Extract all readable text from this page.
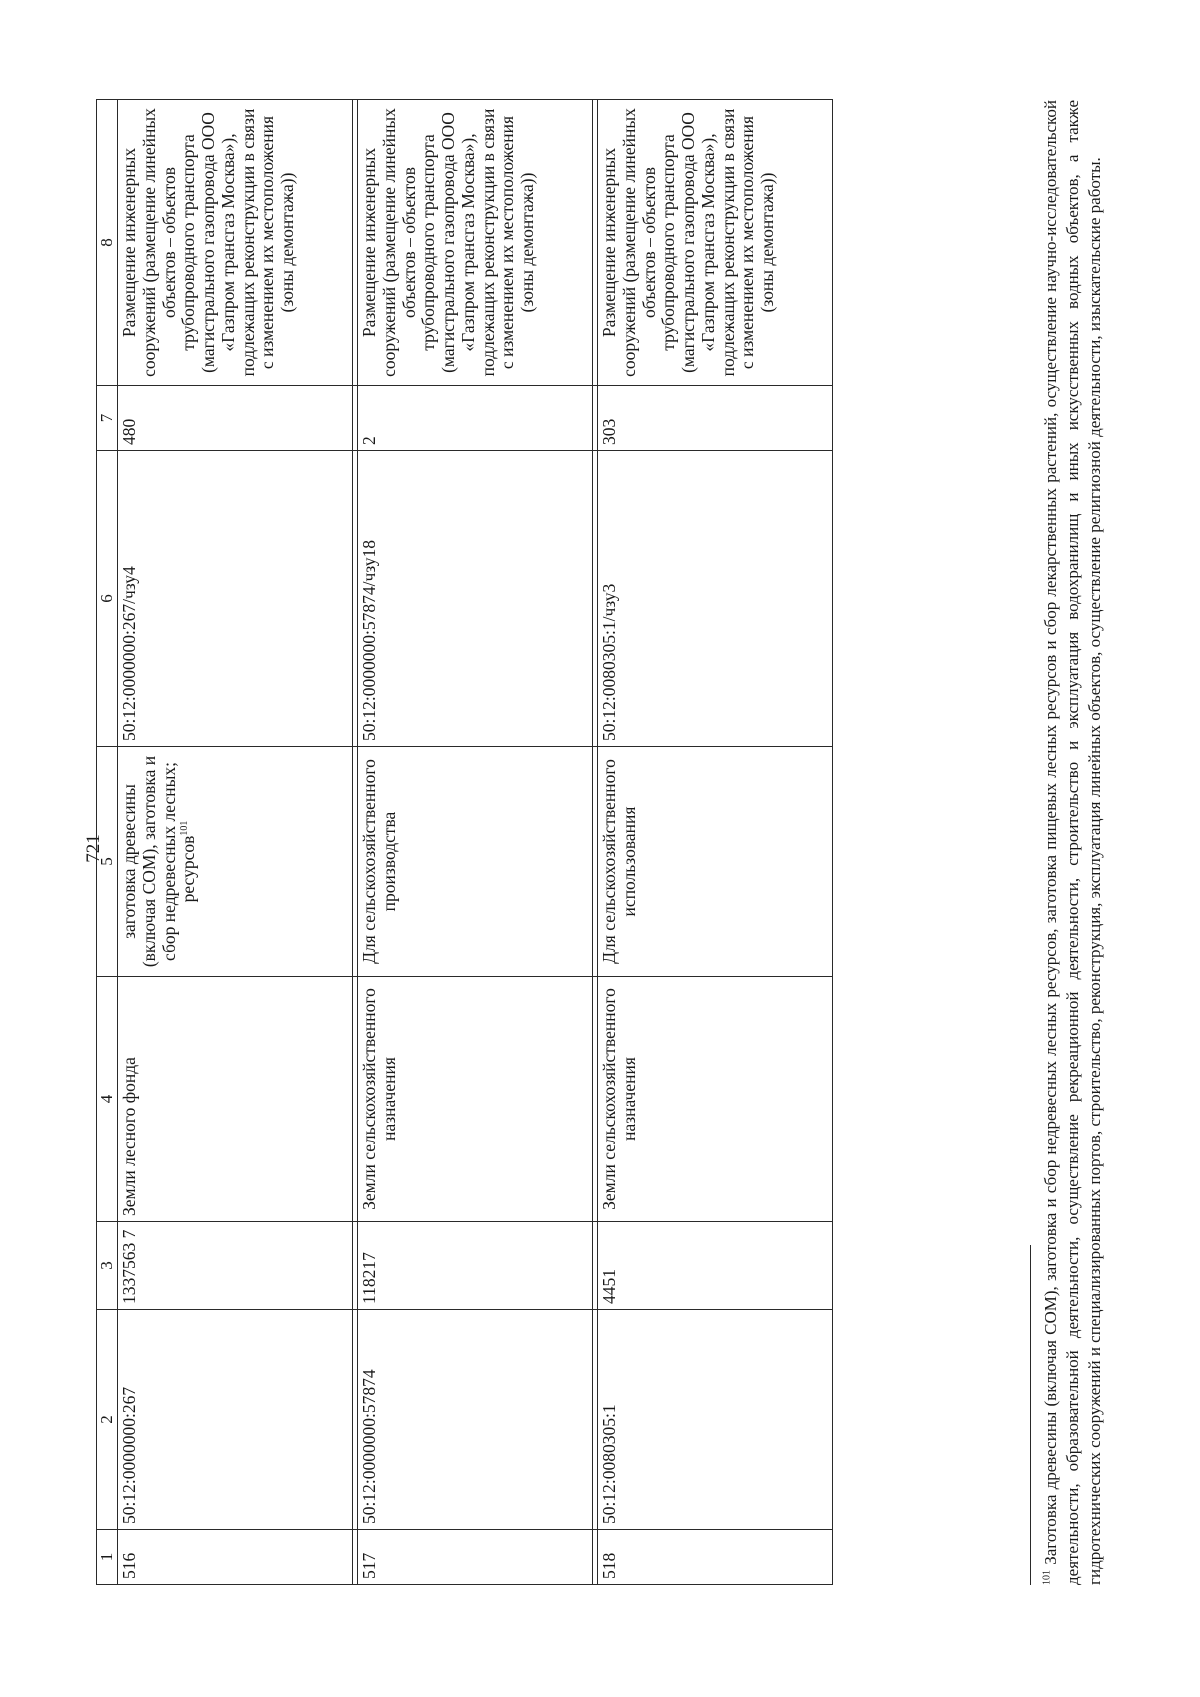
721
1	2	3	4	5	6	7	8
516	50:12:0000000:267	1337563 7	Земли лесного фонда	заготовка древесины (включая СОМ), заготовка и сбор недревесных лесных; ресурсов$^{101}$	50:12:0000000:267/чзу4	480	Размещение инженерных сооружений (размещение линейных объектов – объектов трубопроводного транспорта (магистрального газопровода ООО «Газпром трансгаз Москва»), подлежащих реконструкции в связи с изменением их местоположения (зоны демонтажа))

517	50:12:0000000:57874	118217	Земли сельскохозяйственного назначения	Для сельскохозяйственного производства	50:12:0000000:57874/чзу18	2	Размещение инженерных сооружений (размещение линейных объектов – объектов трубопроводного транспорта (магистрального газопровода ООО «Газпром трансгаз Москва»), подлежащих реконструкции в связи с изменением их местоположения (зоны демонтажа))

518	50:12:0080305:1	4451	Земли сельскохозяйственного назначения	Для сельскохозяйственного использования	50:12:0080305:1/чзу3	303	Размещение инженерных сооружений (размещение линейных объектов – объектов трубопроводного транспорта (магистрального газопровода ООО «Газпром трансгаз Москва»), подлежащих реконструкции в связи с изменением их местоположения (зоны демонтажа))
$^{101}$ Заготовка древесины (включая СОМ), заготовка и сбор недревесных лесных ресурсов, заготовка пищевых лесных ресурсов и сбор лекарственных растений, осуществление научно-исследовательской деятельности, образовательной деятельности, осуществление рекреационной деятельности, строительство и эксплуатация водохранилищ и иных искусственных водных объектов, а также гидротехнических сооружений и специализированных портов, строительство, реконструкция, эксплуатация линейных объектов, осуществление религиозной деятельности, изыскательские работы.
